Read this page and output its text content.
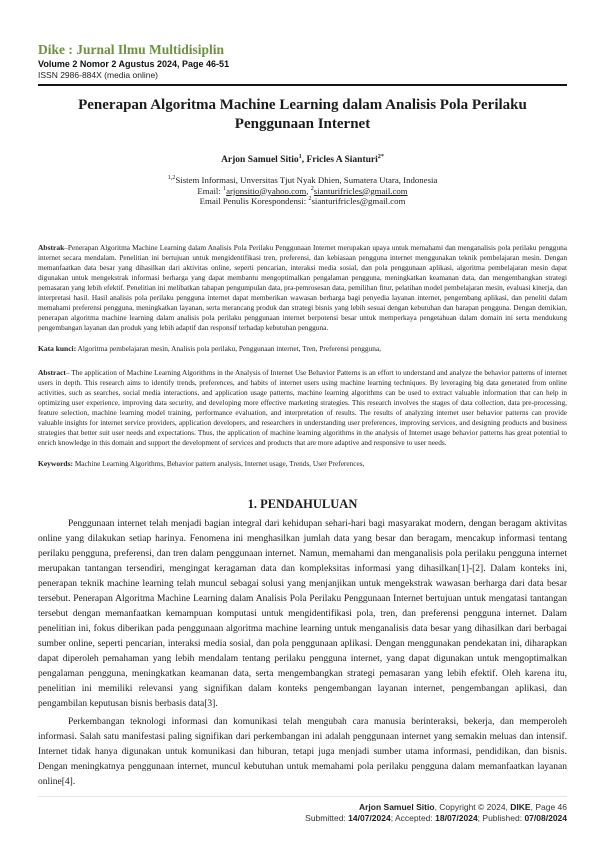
Dike : Jurnal Ilmu Multidisiplin
Volume 2 Nomor 2 Agustus 2024, Page 46-51
ISSN 2986-884X (media online)
Penerapan Algoritma Machine Learning dalam Analisis Pola Perilaku Penggunaan Internet
Arjon Samuel Sitio$^1$, Fricles A Sianturi$^{2*}$
$^{1,2}$Sistem Informasi, Unversitas Tjut Nyak Dhien, Sumatera Utara, Indonesia
Email: $^1$arjonsitio@yahoo.com, $^2$sianturifricles@gmail.com
Email Penulis Korespondensi: $^2$sianturifricles@gmail.com

Abstrak–Penerapan Algoritma Machine Learning dalam Analisis Pola Perilaku Penggunaan Internet merupakan upaya untuk memahami dan menganalisis pola perilaku pengguna internet secara mendalam. Penelitian ini bertujuan untuk mengidentifikasi tren, preferensi, dan kebiasaan pengguna internet menggunakan teknik pembelajaran mesin. Dengan memanfaatkan data besar yang dihasilkan dari aktivitas online, seperti pencarian, interaksi media sosial, dan pola penggunaan aplikasi, algoritma pembelajaran mesin dapat digunakan untuk mengekstrak informasi berharga yang dapat membantu mengoptimalkan pengalaman pengguna, meningkatkan keamanan data, dan mengembangkan strategi pemasaran yang lebih efektif. Penelitian ini melibatkan tahapan pengumpulan data, pra-pemrosesan data, pemilihan fitur, pelatihan model pembelajaran mesin, evaluasi kinerja, dan interpretasi hasil. Hasil analisis pola perilaku pengguna internet dapat memberikan wawasan berharga bagi penyedia layanan internet, pengembang aplikasi, dan peneliti dalam memahami preferensi pengguna, meningkatkan layanan, serta merancang produk dan strategi bisnis yang lebih sesuai dengan kebutuhan dan harapan pengguna. Dengan demikian, penerapan algoritma machine learning dalam analisis pola perilaku penggunaan internet berpotensi besar untuk memperkaya pengetahuan dalam domain ini serta mendukung pengembangan layanan dan produk yang lebih adaptif dan responsif terhadap kebutuhan pengguna.

Kata kunci: Algoritma pembelajaran mesin, Analisis pola perilaku, Penggunaan internet, Tren, Preferensi pengguna,

Abstract– The application of Machine Learning Algorithms in the Analysis of Internet Use Behavior Patterns is an effort to understand and analyze the behavior patterns of internet users in depth. This research aims to identify trends, preferences, and habits of internet users using machine learning techniques. By leveraging big data generated from online activities, such as searches, social media interactions, and application usage patterns, machine learning algorithms can be used to extract valuable information that can help in optimizing user experience, improving data security, and developing more effective marketing strategies. This research involves the stages of data collection, data pre-processing, feature selection, machine learning model training, performance evaluation, and interpretation of results. The results of analyzing internet user behavior patterns can provide valuable insights for internet service providers, application developers, and researchers in understanding user preferences, improving services, and designing products and business strategies that better suit user needs and expectations. Thus, the application of machine learning algorithms in the analysis of Internet usage behavior patterns has great potential to enrich knowledge in this domain and support the development of services and products that are more adaptive and responsive to user needs.

Keywords: Machine Learning Algorithms, Behavior pattern analysis, Internet usage, Trends, User Preferences,

1. PENDAHULUAN

Penggunaan internet telah menjadi bagian integral dari kehidupan sehari-hari bagi masyarakat modern, dengan beragam aktivitas online yang dilakukan setiap harinya. Fenomena ini menghasilkan jumlah data yang besar dan beragam, mencakup informasi tentang perilaku pengguna, preferensi, dan tren dalam penggunaan internet. Namun, memahami dan menganalisis pola perilaku pengguna internet merupakan tantangan tersendiri, mengingat keragaman data dan kompleksitas informasi yang dihasilkan[1]-[2]. Dalam konteks ini, penerapan teknik machine learning telah muncul sebagai solusi yang menjanjikan untuk mengekstrak wawasan berharga dari data besar tersebut. Penerapan Algoritma Machine Learning dalam Analisis Pola Perilaku Penggunaan Internet bertujuan untuk mengatasi tantangan tersebut dengan memanfaatkan kemampuan komputasi untuk mengidentifikasi pola, tren, dan preferensi pengguna internet. Dalam penelitian ini, fokus diberikan pada penggunaan algoritma machine learning untuk menganalisis data besar yang dihasilkan dari berbagai sumber online, seperti pencarian, interaksi media sosial, dan pola penggunaan aplikasi. Dengan menggunakan pendekatan ini, diharapkan dapat diperoleh pemahaman yang lebih mendalam tentang perilaku pengguna internet, yang dapat digunakan untuk mengoptimalkan pengalaman pengguna, meningkatkan keamanan data, serta mengembangkan strategi pemasaran yang lebih efektif. Oleh karena itu, penelitian ini memiliki relevansi yang signifikan dalam konteks pengembangan layanan internet, pengembangan aplikasi, dan pengambilan keputusan bisnis berbasis data[3].

Perkembangan teknologi informasi dan komunikasi telah mengubah cara manusia berinteraksi, bekerja, dan memperoleh informasi. Salah satu manifestasi paling signifikan dari perkembangan ini adalah penggunaan internet yang semakin meluas dan intensif. Internet tidak hanya digunakan untuk komunikasi dan hiburan, tetapi juga menjadi sumber utama informasi, pendidikan, dan bisnis. Dengan meningkatnya penggunaan internet, muncul kebutuhan untuk memahami pola perilaku pengguna dalam memanfaatkan layanan online[4].

Arjon Samuel Sitio, Copyright © 2024, DIKE, Page 46
Submitted: 14/07/2024; Accepted: 18/07/2024; Published: 07/08/2024
